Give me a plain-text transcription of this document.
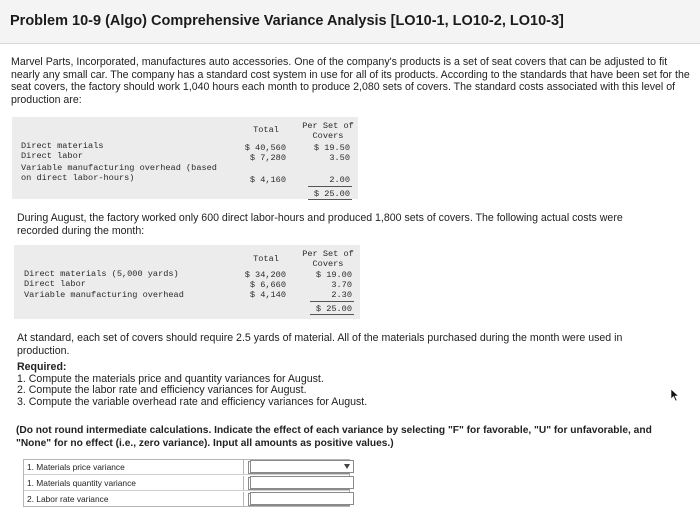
Problem 10-9 (Algo) Comprehensive Variance Analysis [LO10-1, LO10-2, LO10-3]
Marvel Parts, Incorporated, manufactures auto accessories. One of the company's products is a set of seat covers that can be adjusted to fit nearly any small car. The company has a standard cost system in use for all of its products. According to the standards that have been set for the seat covers, the factory should work 1,040 hours each month to produce 2,080 sets of covers. The standard costs associated with this level of production are:
Total	Per Set of
Covers
Direct materials	$ 40,560	$ 19.50
Direct labor	$ 7,280	3.50
Variable manufacturing overhead (based
on direct labor-hours)	$ 4,160	2.00
$ 25.00
During August, the factory worked only 600 direct labor-hours and produced 1,800 sets of covers. The following actual costs were recorded during the month:
Total	Per Set of
Covers
Direct materials (5,000 yards)	$ 34,200	$ 19.00
Direct labor	$ 6,660	3.70
Variable manufacturing overhead	$ 4,140	2.30
$ 25.00
At standard, each set of covers should require 2.5 yards of material. All of the materials purchased during the month were used in production.
Required:
1. Compute the materials price and quantity variances for August.
2. Compute the labor rate and efficiency variances for August.
3. Compute the variable overhead rate and efficiency variances for August.
(Do not round intermediate calculations. Indicate the effect of each variance by selecting "F" for favorable, "U" for unfavorable, and "None" for no effect (i.e., zero variance). Input all amounts as positive values.)
1. Materials price variance
1. Materials quantity variance
2. Labor rate variance
